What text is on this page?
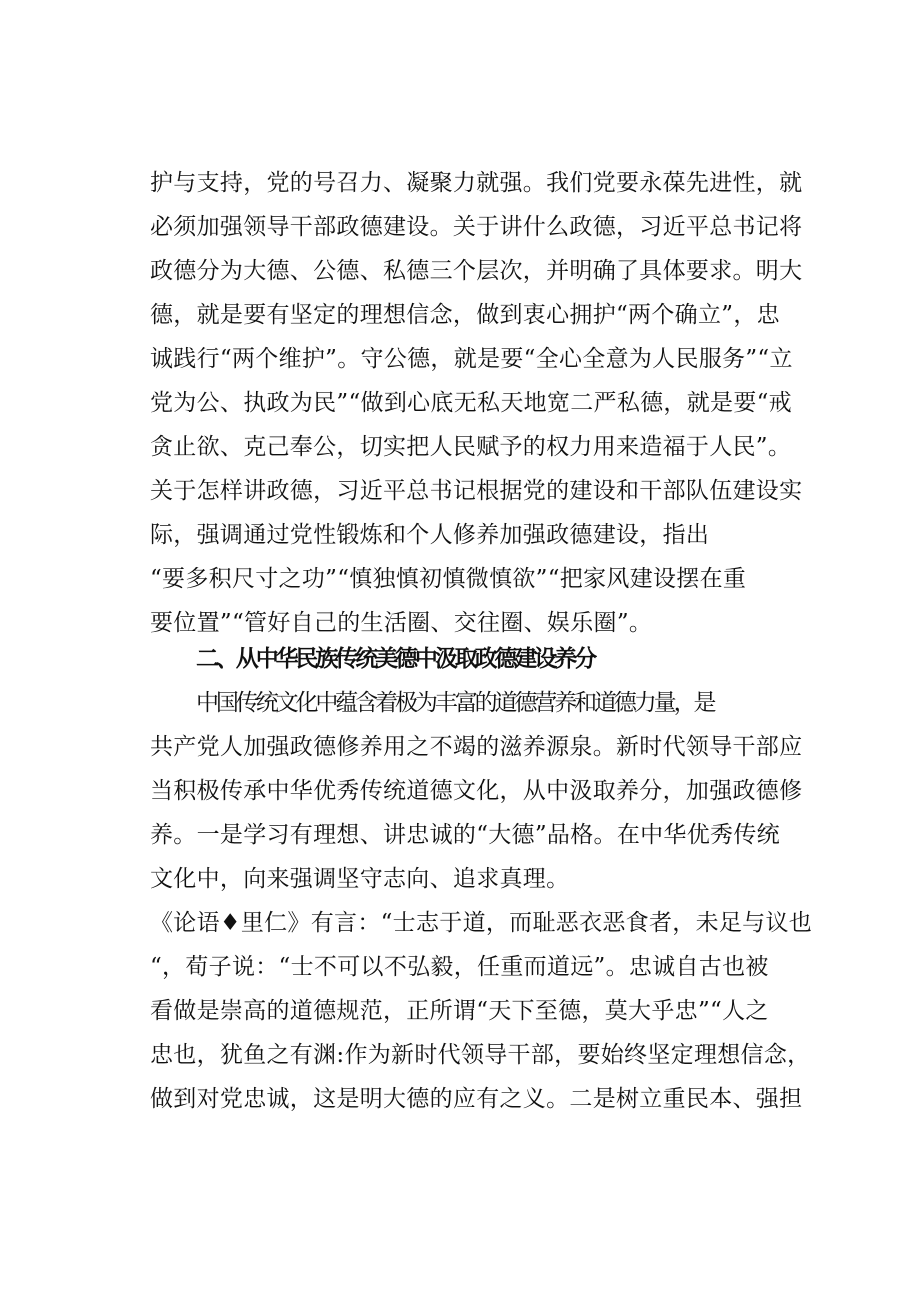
护与支持，党的号召力、凝聚力就强。我们党要永葆先进性，就
必须加强领导干部政德建设。关于讲什么政德，习近平总书记将
政德分为大德、公德、私德三个层次，并明确了具体要求。明大
德，就是要有坚定的理想信念，做到衷心拥护“两个确立”，忠
诚践行“两个维护”。守公德，就是要“全心全意为人民服务”“立
党为公、执政为民”“做到心底无私天地宽二严私德，就是要“戒
贪止欲、克己奉公，切实把人民赋予的权力用来造福于人民”。
关于怎样讲政德，习近平总书记根据党的建设和干部队伍建设实
际，强调通过党性锻炼和个人修养加强政德建设，指出
“要多积尺寸之功”“慎独慎初慎微慎欲”“把家风建设摆在重
要位置”“管好自己的生活圈、交往圈、娱乐圈”。
二、从中华民族传统美德中汲取政德建设养分
中国传统文化中蕴含着极为丰富的道德营养和道德力量，是
共产党人加强政德修养用之不竭的滋养源泉。新时代领导干部应
当积极传承中华优秀传统道德文化，从中汲取养分，加强政德修
养。一是学习有理想、讲忠诚的“大德”品格。在中华优秀传统
文化中，向来强调坚守志向、追求真理。
《论语♦里仁》有言：“士志于道，而耻恶衣恶食者，未足与议也
“，荀子说：“士不可以不弘毅，任重而道远”。忠诚自古也被
看做是崇高的道德规范，正所谓“天下至德，莫大乎忠”“人之
忠也，犹鱼之有渊:作为新时代领导干部，要始终坚定理想信念，
做到对党忠诚，这是明大德的应有之义。二是树立重民本、强担
